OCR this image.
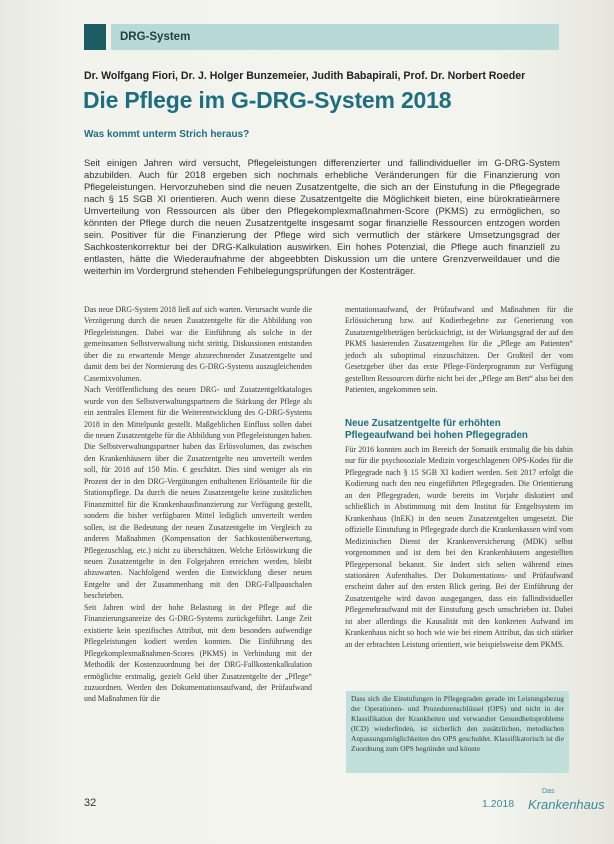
DRG-System
Dr. Wolfgang Fiori, Dr. J. Holger Bunzemeier, Judith Babapirali, Prof. Dr. Norbert Roeder
Die Pflege im G-DRG-System 2018
Was kommt unterm Strich heraus?
Seit einigen Jahren wird versucht, Pflegeleistungen differenzierter und fallindividueller im G-DRG-System abzubilden. Auch für 2018 ergeben sich nochmals erhebliche Veränderungen für die Finanzierung von Pflegeleistungen. Hervorzuheben sind die neuen Zusatzentgelte, die sich an der Einstufung in die Pflegegrade nach § 15 SGB XI orientieren. Auch wenn diese Zusatzentgelte die Möglichkeit bieten, eine bürokratieärmere Umverteilung von Ressourcen als über den Pflegekomplexmaßnahmen-Score (PKMS) zu ermöglichen, so könnten der Pflege durch die neuen Zusatzentgelte insgesamt sogar finanzielle Ressourcen entzogen worden sein. Positiver für die Finanzierung der Pflege wird sich vermutlich der stärkere Umsetzungsgrad der Sachkostenkorrektur bei der DRG-Kalkulation auswirken. Ein hohes Potenzial, die Pflege auch finanziell zu entlasten, hätte die Wiederaufnahme der abgeebbten Diskussion um die untere Grenzverweildauer und die weiterhin im Vordergrund stehenden Fehlbelegungsprüfungen der Kostenträger.

Das neue DRG-System 2018 ließ auf sich warten. Verursacht wurde die Verzögerung durch die neuen Zusatzentgelte für die Abbildung von Pflegeleistungen. Dabei war die Einführung als solche in der gemeinsamen Selbstverwaltung nicht strittig. Diskussionen entstanden über die zu erwartende Menge abzurechnender Zusatzentgelte und damit dem bei der Normierung des G-DRG-Systems auszugleichenden Casemixvolumen.

Nach Veröffentlichung des neuen DRG- und Zusatzentgeltkataloges wurde von den Selbstverwaltungspartnern die Stärkung der Pflege als ein zentrales Element für die Weiterentwicklung des G-DRG-Systems 2018 in den Mittelpunkt gestellt. Maßgeblichen Einfluss sollen dabei die neuen Zusatzentgelte für die Abbildung von Pflegeleistungen haben. Die Selbstverwaltungspartner haben das Erlösvolumen, das zwischen den Krankenhäusern über die Zusatzentgelte neu umverteilt werden soll, für 2018 auf 150 Mio. € geschätzt. Dies sind weniger als ein Prozent der in den DRG-Vergütungen enthaltenen Erlösanteile für die Stationspflege. Da durch die neuen Zusatzentgelte keine zusätzlichen Finanzmittel für die Krankenhausfinanzierung zur Verfügung gestellt, sondern die bisher verfügbaren Mittel lediglich umverteilt werden sollen, ist die Bedeutung der neuen Zusatzentgelte im Vergleich zu anderen Maßnahmen (Kompensation der Sachkostenüberwertung, Pflegezuschlag, etc.) nicht zu überschätzen. Welche Erlöswirkung die neuen Zusatzentgelte in den Folgejahren erreichen werden, bleibt abzuwarten. Nachfolgend werden die Entwicklung dieser neuen Entgelte und der Zusammenhang mit den DRG-Fallpauschalen beschrieben.

Seit Jahren wird der hohe Belastung in der Pflege auf die Finanzierungsanreize des G-DRG-Systems zurückgeführt. Lange Zeit existierte kein spezifisches Attribut, mit dem besonders aufwendige Pflegeleistungen kodiert werden konnten. Die Einführung des Pflegekomplexmaßnahmen-Scores (PKMS) in Verbindung mit der Methodik der Kostenzuordnung bei der DRG-Fallkostenkalkulation ermöglichte erstmalig, gezielt Geld über Zusatzentgelte der „Pflege“ zuzuordnen. Werden den Dokumentationsaufwand, der Prüfaufwand und Maßnahmen für die

mentationsaufwand, der Prüfaufwand und Maßnahmen für die Erlössicherung bzw. auf Kodierbegehrte zur Generierung von Zusatzentgeltbeträgen berücksichtigt, ist der Wirkungsgrad der auf den PKMS basierenden Zusatzentgelten für die „Pflege am Patienten“ jedoch als suboptimal einzuschätzen. Der Großteil der vom Gesetzgeber über das erste Pflege-Förderprogramm zur Verfügung gestellten Ressourcen dürfte nicht bei der „Pflege am Bett“ also bei den Patienten, angekommen sein.

Neue Zusatzentgelte für erhöhten Pflegeaufwand bei hohen Pflegegraden

Für 2016 konnten auch im Bereich der Somatik erstmalig die bis dahin nur für die psychosoziale Medizin vorgeschlagenen OPS-Kodes für die Pflegegrade nach § 15 SGB XI kodiert werden. Seit 2017 erfolgt die Kodierung nach den neu eingeführten Pflegegraden. Die Orientierung an den Pflegegraden, wurde bereits im Vorjahr diskutiert und schließlich in Abstimmung mit dem Institut für Entgeltsystem im Krankenhaus (InEK) in den neuen Zusatzentgelten umgesetzt. Die offizielle Einstufung in Pflegegrade durch die Krankenkassen wird vom Medizinischen Dienst der Krankenversicherung (MDK) selbst vorgenommen und ist dem bei den Krankenhäusern angestellten Pflegepersonal bekannt. Sie ändert sich selten während eines stationären Aufenthaltes. Der Dokumentations- und Prüfaufwand erscheint daher auf den ersten Blick gering. Bei der Einführung der Zusatzentgelte wird davon ausgegangen, dass ein fallindividueller Pflegemehraufwand mit der Einstufung gesch umschrieben ist. Dabei ist aber allerdings die Kausalität mit den konkreten Aufwand im Krankenhaus nicht so hoch wie wie bei einem Attribut, das sich stärker an der erbrachten Leistung orientiert, wie beispielsweise dem PKMS.

Dass sich die Einstufungen in Pflegegraden gerade im Leistungsbezug der Operationen- und Prozedurenschlüssel (OPS) und nicht in der Klassifikation der Krankheiten und verwandter Gesundheitsprobleme (ICD) wiederfinden, ist sicherlich den zusätzlichen, metodischen Anpassungsmöglichkeiten des OPS geschuldet. Klassifikatorisch ist die Zuordnung zum OPS begründet und könnte
32	1.2018
Das
Krankenhaus
